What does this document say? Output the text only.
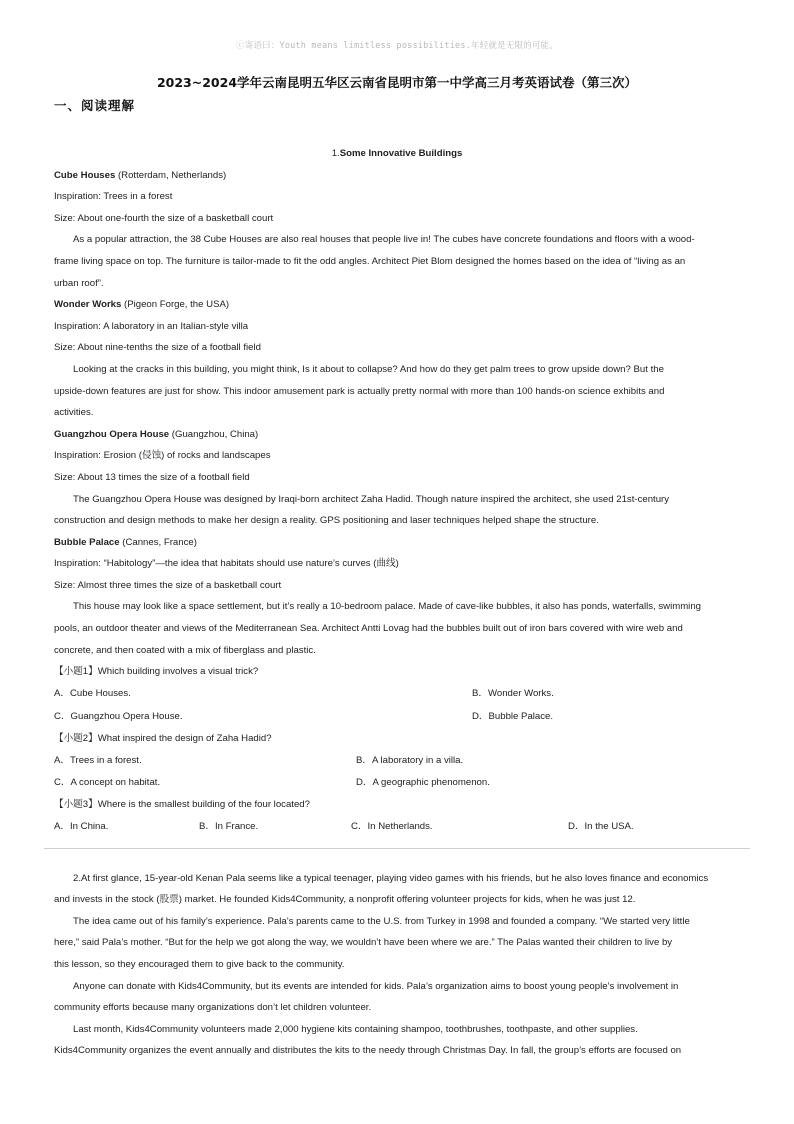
ⓒ寄语曰：Youth means limitless possibilities.年轻就是无限的可能。
2023~2024学年云南昆明五华区云南省昆明市第一中学高三月考英语试卷（第三次）
一、阅读理解
1.Some Innovative Buildings
Cube Houses (Rotterdam, Netherlands)
Inspiration: Trees in a forest
Size: About one-fourth the size of a basketball court
As a popular attraction, the 38 Cube Houses are also real houses that people live in! The cubes have concrete foundations and floors with a wood-
frame living space on top. The furniture is tailor-made to fit the odd angles. Architect Piet Blom designed the homes based on the idea of “living as an
urban roof”.
Wonder Works (Pigeon Forge, the USA)
Inspiration: A laboratory in an Italian-style villa
Size: About nine-tenths the size of a football field
Looking at the cracks in this building, you might think, Is it about to collapse? And how do they get palm trees to grow upside down? But the
upside-down features are just for show. This indoor amusement park is actually pretty normal with more than 100 hands-on science exhibits and
activities.
Guangzhou Opera House (Guangzhou, China)
Inspiration: Erosion (侵蚀) of rocks and landscapes
Size: About 13 times the size of a football field
The Guangzhou Opera House was designed by Iraqi-born architect Zaha Hadid. Though nature inspired the architect, she used 21st-century
construction and design methods to make her design a reality. GPS positioning and laser techniques helped shape the structure.
Bubble Palace (Cannes, France)
Inspiration: “Habitology”—the idea that habitats should use nature’s curves (曲线)
Size: Almost three times the size of a basketball court
This house may look like a space settlement, but it’s really a 10-bedroom palace. Made of cave-like bubbles, it also has ponds, waterfalls, swimming
pools, an outdoor theater and views of the Mediterranean Sea. Architect Antti Lovag had the bubbles built out of iron bars covered with wire web and
concrete, and then coated with a mix of fiberglass and plastic.
【小题1】Which building involves a visual trick?
A．Cube Houses.	B．Wonder Works.
C．Guangzhou Opera House.	D．Bubble Palace.
【小题2】What inspired the design of Zaha Hadid?
A．Trees in a forest.	B．A laboratory in a villa.
C．A concept on habitat.	D．A geographic phenomenon.
【小题3】Where is the smallest building of the four located?
A．In China.	B．In France.	C．In Netherlands.	D．In the USA.
2.At first glance, 15-year-old Kenan Pala seems like a typical teenager, playing video games with his friends, but he also loves finance and economics
and invests in the stock (股票) market. He founded Kids4Community, a nonprofit offering volunteer projects for kids, when he was just 12.
The idea came out of his family’s experience. Pala’s parents came to the U.S. from Turkey in 1998 and founded a company. “We started very little
here,” said Pala’s mother. “But for the help we got along the way, we wouldn’t have been where we are.” The Palas wanted their children to live by
this lesson, so they encouraged them to give back to the community.
Anyone can donate with Kids4Community, but its events are intended for kids. Pala’s organization aims to boost young people’s involvement in
community efforts because many organizations don’t let children volunteer.
Last month, Kids4Community volunteers made 2,000 hygiene kits containing shampoo, toothbrushes, toothpaste, and other supplies.
Kids4Community organizes the event annually and distributes the kits to the needy through Christmas Day. In fall, the group’s efforts are focused on
